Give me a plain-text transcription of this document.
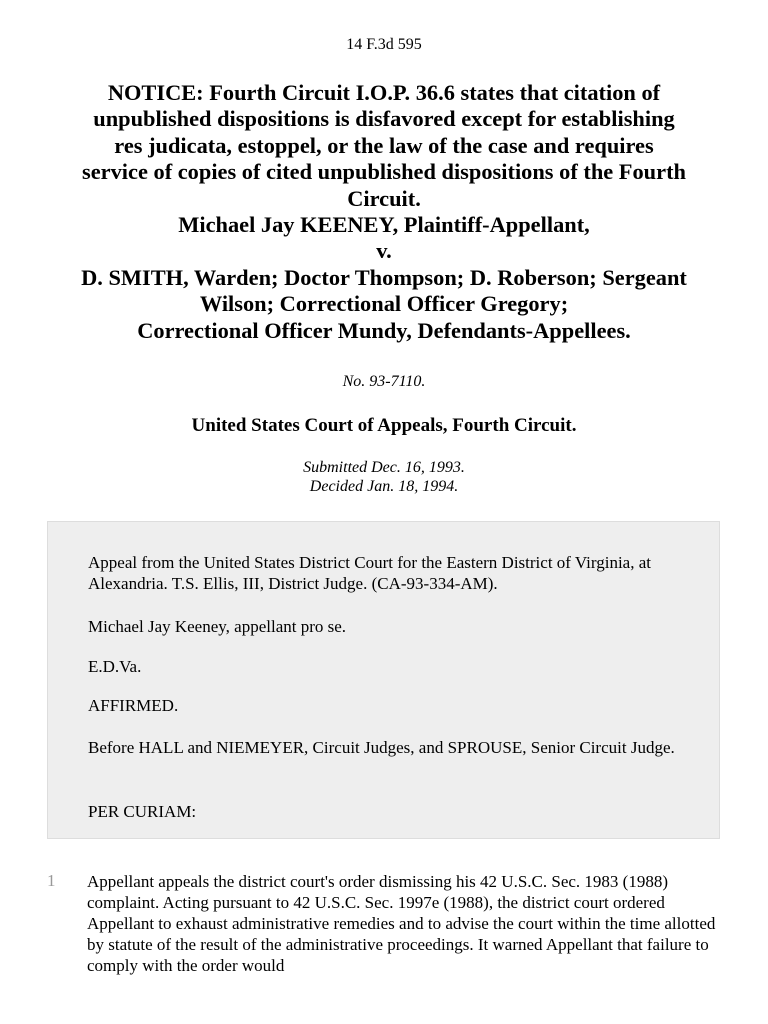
14 F.3d 595
NOTICE: Fourth Circuit I.O.P. 36.6 states that citation of
unpublished dispositions is disfavored except for establishing
res judicata, estoppel, or the law of the case and requires
service of copies of cited unpublished dispositions of the Fourth
Circuit.
Michael Jay KEENEY, Plaintiff-Appellant,
v.
D. SMITH, Warden; Doctor Thompson; D. Roberson; Sergeant
Wilson; Correctional Officer Gregory;
Correctional Officer Mundy, Defendants-Appellees.
No. 93-7110.
United States Court of Appeals, Fourth Circuit.
Submitted Dec. 16, 1993.
Decided Jan. 18, 1994.

Appeal from the United States District Court for the Eastern District of Virginia, at Alexandria. T.S. Ellis, III, District Judge. (CA-93-334-AM).

Michael Jay Keeney, appellant pro se.

E.D.Va.

AFFIRMED.

Before HALL and NIEMEYER, Circuit Judges, and SPROUSE, Senior Circuit Judge.

PER CURIAM:

1 Appellant appeals the district court's order dismissing his 42 U.S.C. Sec. 1983 (1988) complaint. Acting pursuant to 42 U.S.C. Sec. 1997e (1988), the district court ordered Appellant to exhaust administrative remedies and to advise the court within the time allotted by statute of the result of the administrative proceedings. It warned Appellant that failure to comply with the order would
